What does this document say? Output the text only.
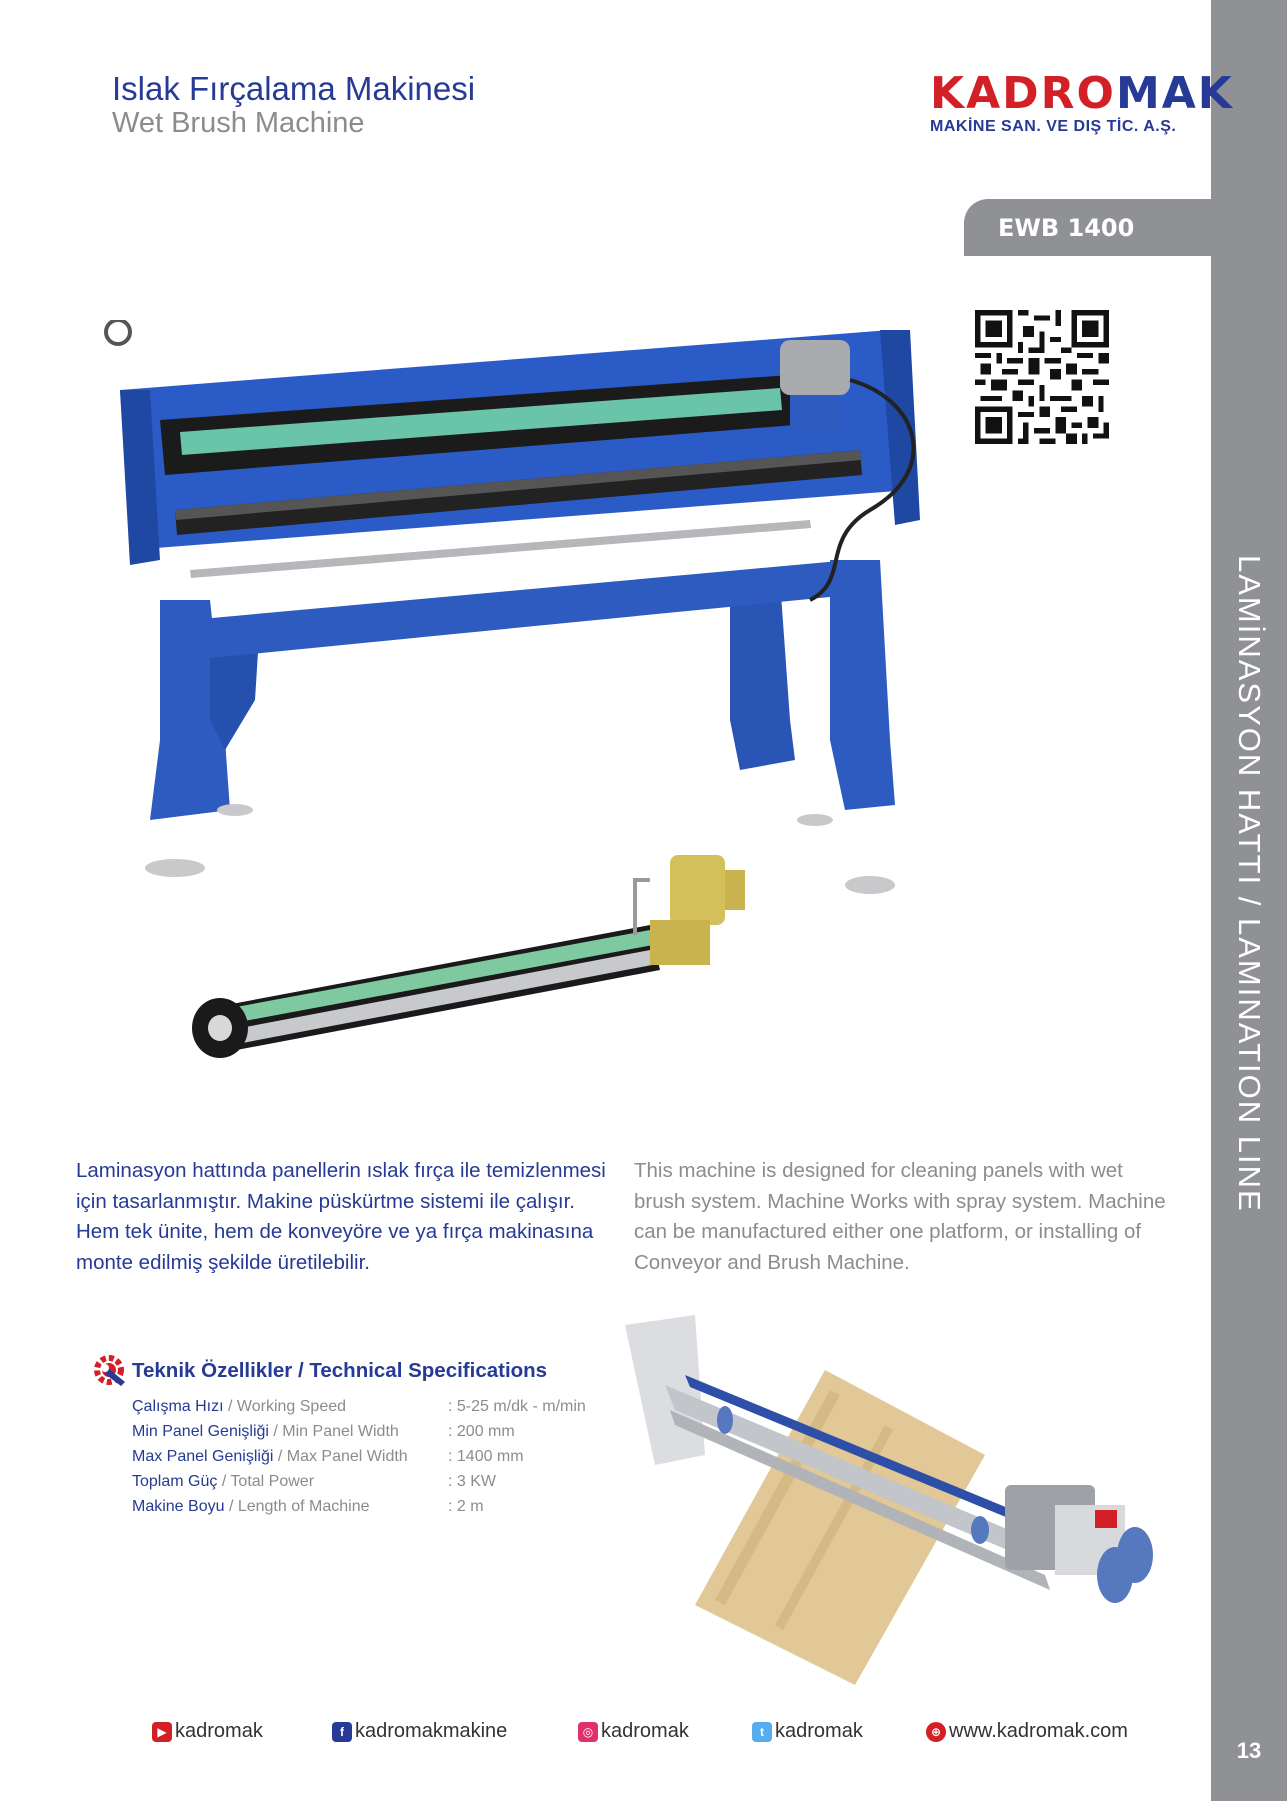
LAMİNASYON HATTI / LAMINATION LINE
13
Islak Fırçalama Makinesi
Wet Brush Machine
KADROMAK
MAKİNE SAN. VE DIŞ TİC. A.Ş.
EWB 1400
Laminasyon hattında panellerin ıslak fırça ile temizlenmesi için tasarlanmıştır. Makine püskürtme sistemi ile çalışır. Hem tek ünite, hem de konveyöre ve ya fırça makinasına monte edilmiş şekilde üretilebilir.
This machine is designed for cleaning panels with wet brush system. Machine Works with spray system. Machine can be manufactured either one platform, or installing of Conveyor and Brush Machine.
Teknik Özellikler / Technical Specifications
Çalışma Hızı / Working Speed	: 5-25 m/dk - m/min
Min Panel Genişliği / Min Panel Width	: 200 mm
Max Panel Genişliği / Max Panel Width	: 1400 mm
Toplam Güç / Total Power	: 3 KW
Makine Boyu / Length of Machine	: 2 m
▶ kadromak	f kadromakmakine	◎ kadromak	t kadromak	⊕ www.kadromak.com
